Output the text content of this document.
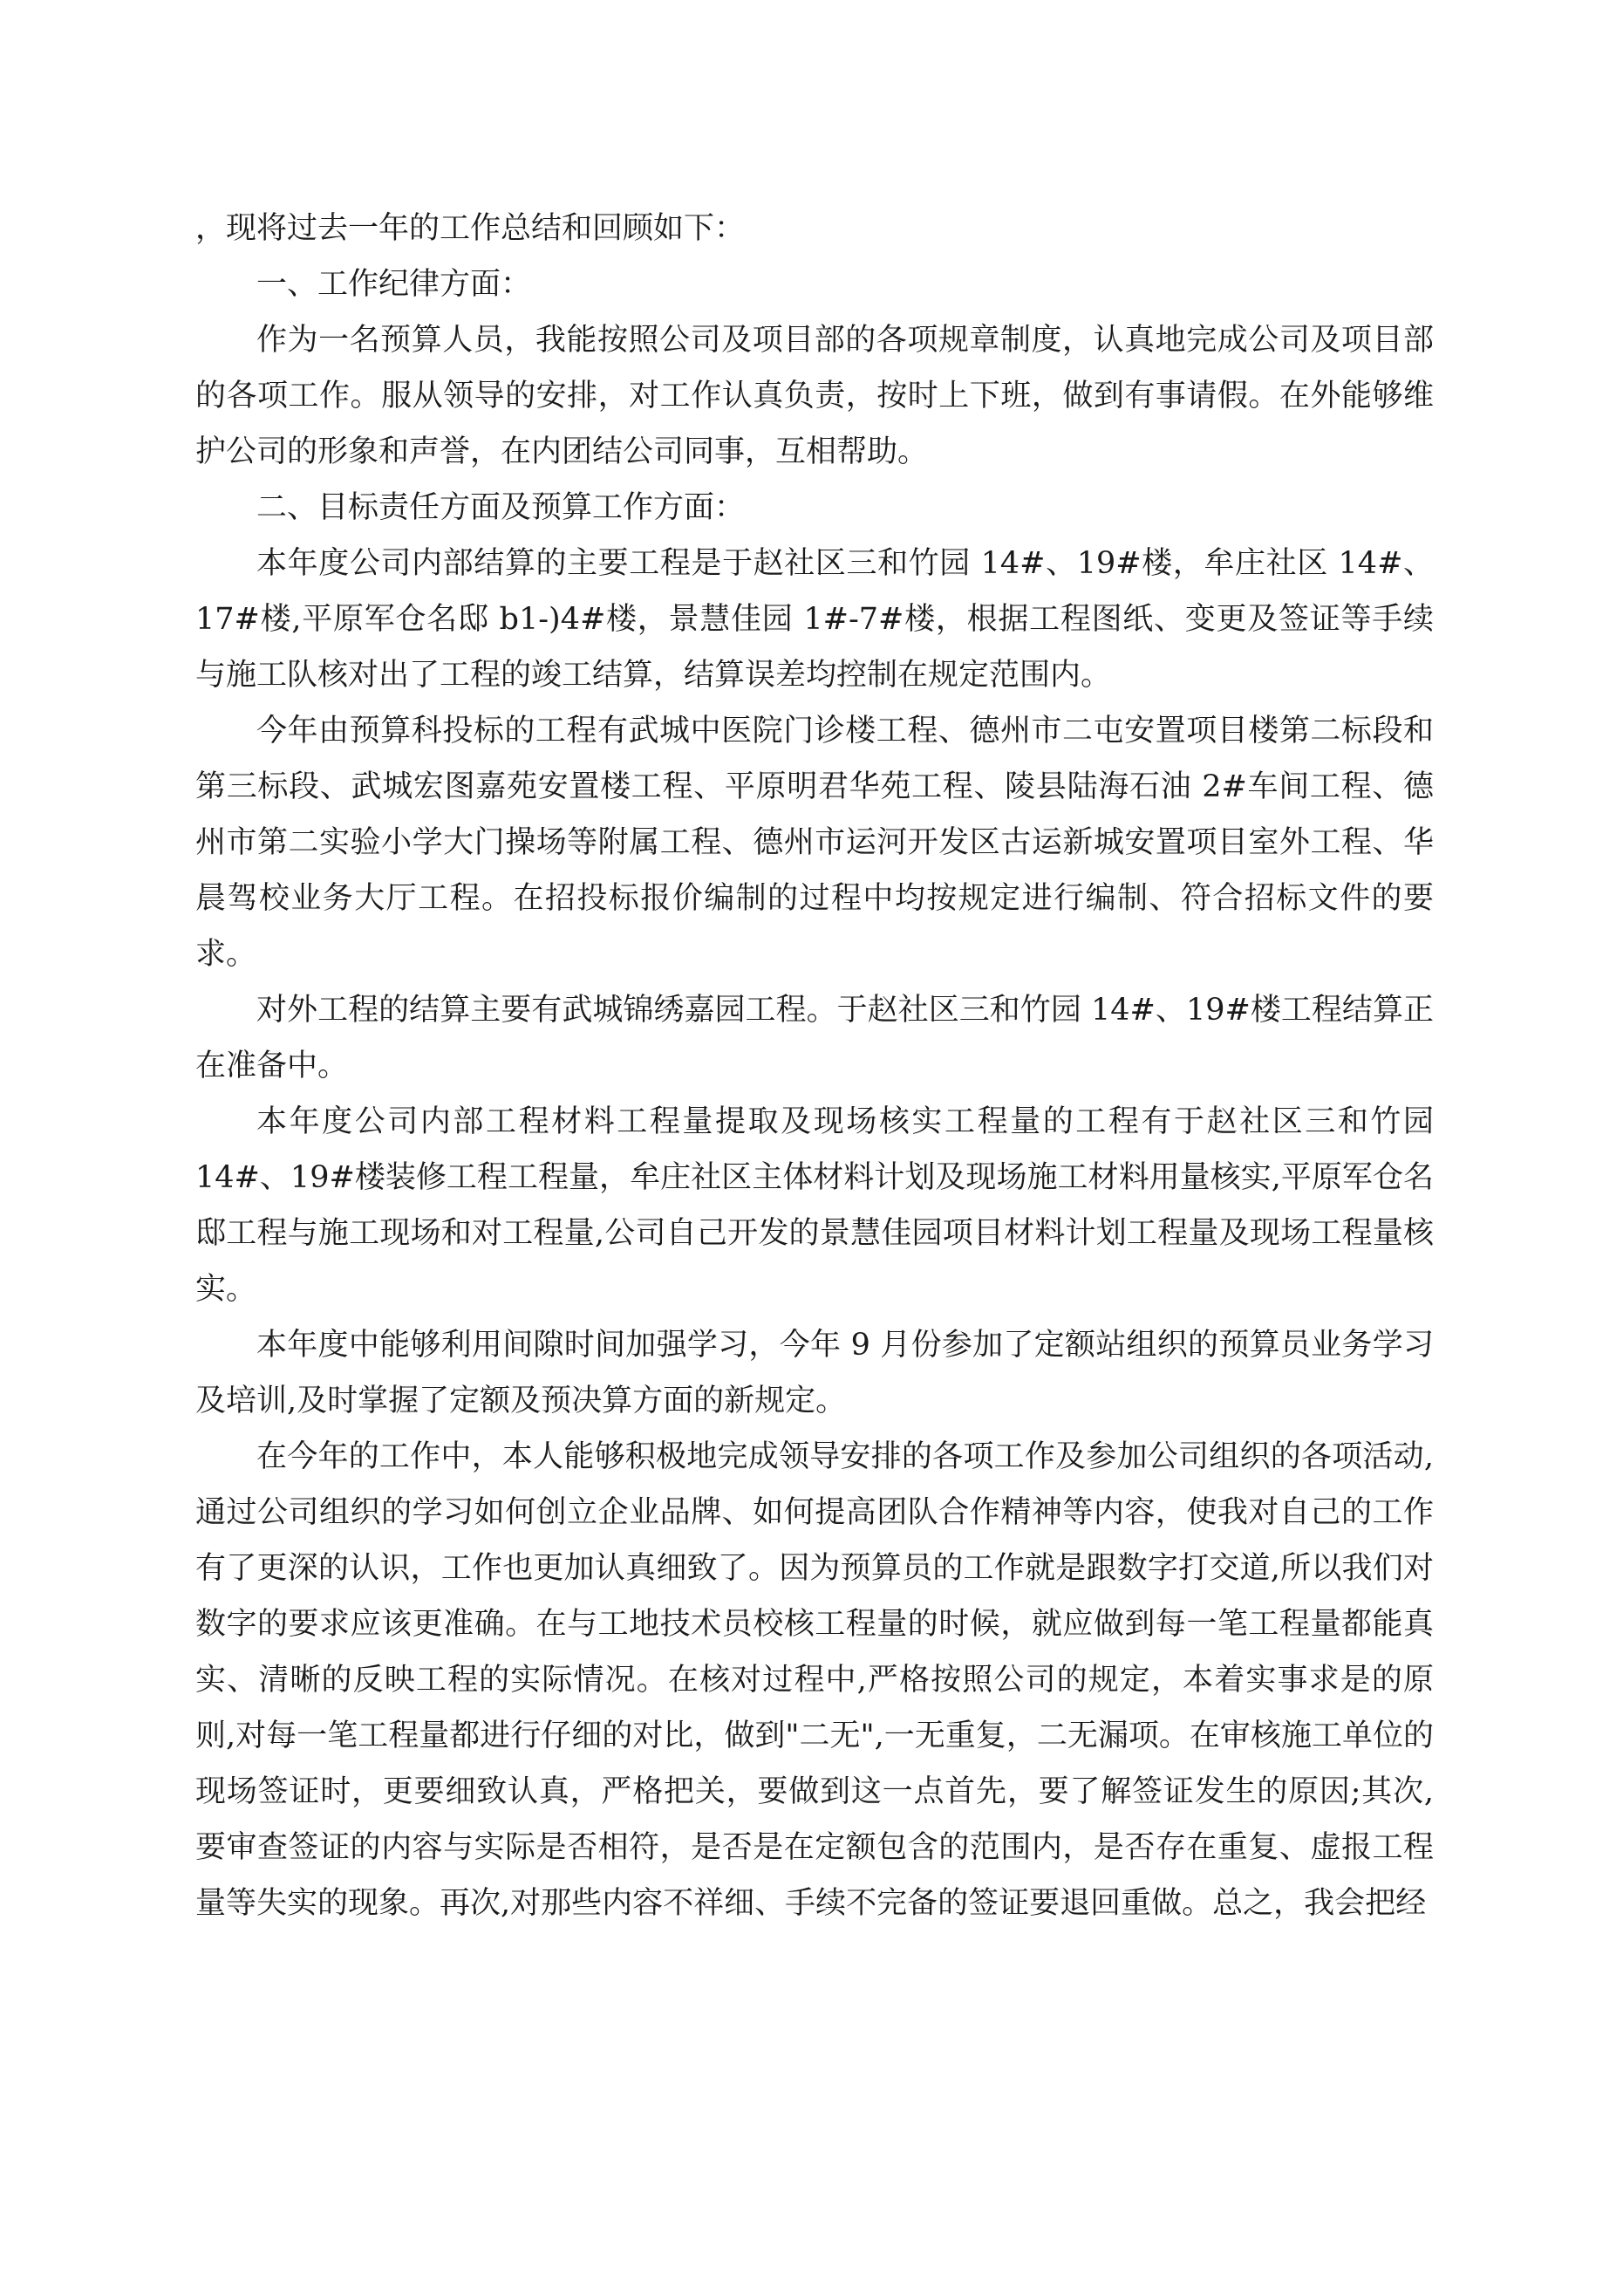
，现将过去一年的工作总结和回顾如下：

一、工作纪律方面：

作为一名预算人员，我能按照公司及项目部的各项规章制度，认真地完成公司及项目部的各项工作。服从领导的安排，对工作认真负责，按时上下班，做到有事请假。在外能够维护公司的形象和声誉，在内团结公司同事，互相帮助。

二、目标责任方面及预算工作方面：

本年度公司内部结算的主要工程是于赵社区三和竹园 14#、19#楼，牟庄社区 14#、17#楼,平原军仓名邸 b1-)4#楼，景慧佳园 1#-7#楼，根据工程图纸、变更及签证等手续与施工队核对出了工程的竣工结算，结算误差均控制在规定范围内。

今年由预算科投标的工程有武城中医院门诊楼工程、德州市二屯安置项目楼第二标段和第三标段、武城宏图嘉苑安置楼工程、平原明君华苑工程、陵县陆海石油 2#车间工程、德州市第二实验小学大门操场等附属工程、德州市运河开发区古运新城安置项目室外工程、华晨驾校业务大厅工程。在招投标报价编制的过程中均按规定进行编制、符合招标文件的要求。

对外工程的结算主要有武城锦绣嘉园工程。于赵社区三和竹园 14#、19#楼工程结算正在准备中。

本年度公司内部工程材料工程量提取及现场核实工程量的工程有于赵社区三和竹园 14#、19#楼装修工程工程量，牟庄社区主体材料计划及现场施工材料用量核实,平原军仓名邸工程与施工现场和对工程量,公司自己开发的景慧佳园项目材料计划工程量及现场工程量核实。

本年度中能够利用间隙时间加强学习，今年 9 月份参加了定额站组织的预算员业务学习及培训,及时掌握了定额及预决算方面的新规定。

在今年的工作中，本人能够积极地完成领导安排的各项工作及参加公司组织的各项活动,通过公司组织的学习如何创立企业品牌、如何提高团队合作精神等内容，使我对自己的工作有了更深的认识，工作也更加认真细致了。因为预算员的工作就是跟数字打交道,所以我们对数字的要求应该更准确。在与工地技术员校核工程量的时候，就应做到每一笔工程量都能真实、清晰的反映工程的实际情况。在核对过程中,严格按照公司的规定，本着实事求是的原则,对每一笔工程量都进行仔细的对比，做到"二无",一无重复，二无漏项。在审核施工单位的现场签证时，更要细致认真，严格把关，要做到这一点首先，要了解签证发生的原因;其次,要审查签证的内容与实际是否相符，是否是在定额包含的范围内，是否存在重复、虚报工程量等失实的现象。再次,对那些内容不祥细、手续不完备的签证要退回重做。总之，我会把经
